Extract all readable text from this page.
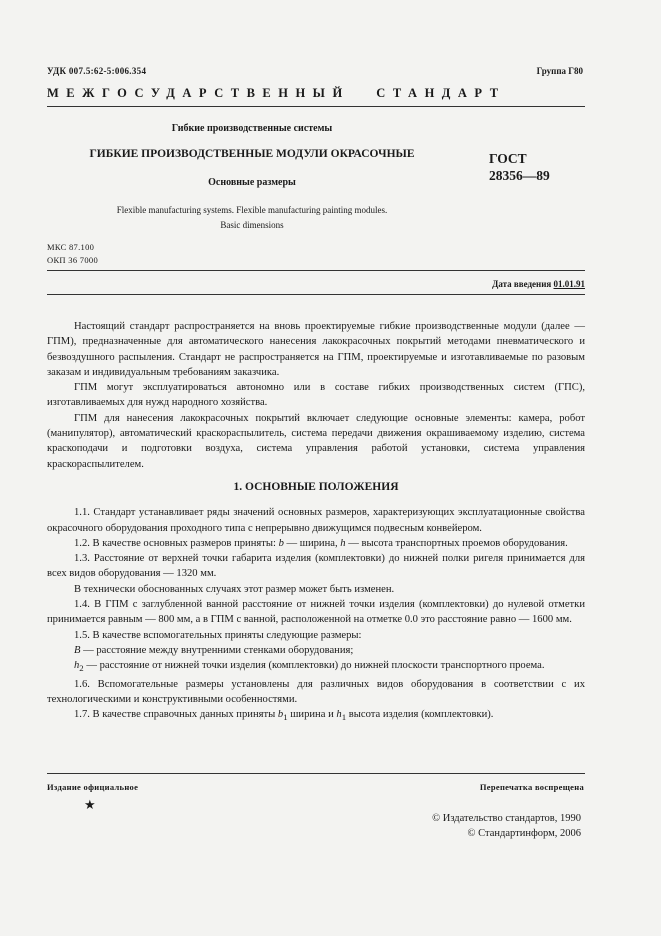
УДК 007.5:62-5:006.354	Группа Г80
МЕЖГОСУДАРСТВЕННЫЙ СТАНДАРТ
Гибкие производственные системы
ГИБКИЕ ПРОИЗВОДСТВЕННЫЕ МОДУЛИ ОКРАСОЧНЫЕ	ГОСТ
28356—89
Основные размеры
Flexible manufacturing systems. Flexible manufacturing painting modules.
Basic dimensions
МКС 87.100
ОКП 36 7000
Дата введения 01.01.91

Настоящий стандарт распространяется на вновь проектируемые гибкие производственные модули (далее — ГПМ), предназначенные для автоматического нанесения лакокрасочных покрытий методами пневматического и безвоздушного распыления. Стандарт не распространяется на ГПМ, проектируемые и изготавливаемые по разовым заказам и индивидуальным требованиям заказчика.

ГПМ могут эксплуатироваться автономно или в составе гибких производственных систем (ГПС), изготавливаемых для нужд народного хозяйства.

ГПМ для нанесения лакокрасочных покрытий включает следующие основные элементы: камера, робот (манипулятор), автоматический краскораспылитель, система передачи движения окрашиваемому изделию, система краскоподачи и подготовки воздуха, система управления работой установки, система управления краскораспылителем.

1. ОСНОВНЫЕ ПОЛОЖЕНИЯ

1.1. Стандарт устанавливает ряды значений основных размеров, характеризующих эксплуатационные свойства окрасочного оборудования проходного типа с непрерывно движущимся подвесным конвейером.

1.2. В качестве основных размеров приняты: b — ширина, h — высота транспортных проемов оборудования.

1.3. Расстояние от верхней точки габарита изделия (комплектовки) до нижней полки ригеля принимается для всех видов оборудования — 1320 мм.

В технически обоснованных случаях этот размер может быть изменен.

1.4. В ГПМ с заглубленной ванной расстояние от нижней точки изделия (комплектовки) до нулевой отметки принимается равным — 800 мм, а в ГПМ с ванной, расположенной на отметке 0.0 это расстояние равно — 1600 мм.

1.5. В качестве вспомогательных приняты следующие размеры:

B — расстояние между внутренними стенками оборудования;

$h_2$ — расстояние от нижней точки изделия (комплектовки) до нижней плоскости транспортного проема.

1.6. Вспомогательные размеры установлены для различных видов оборудования в соответствии с их технологическими и конструктивными особенностями.

1.7. В качестве справочных данных приняты $b_1$ ширина и $h_1$ высота изделия (комплектовки).

Издание официальное	Перепечатка воспрещена
★
© Издательство стандартов, 1990
© Стандартинформ, 2006
